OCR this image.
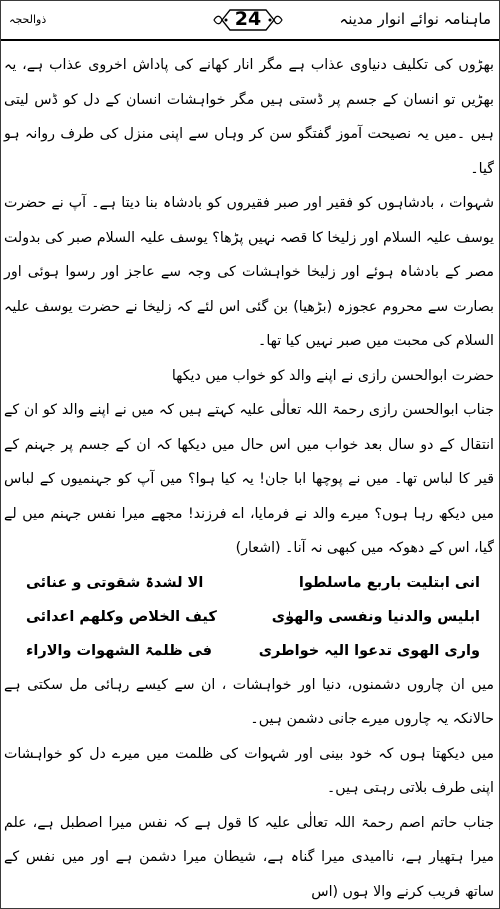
ماہنامہ نوائے انوار مدینہ
24
ذوالحجہ

بھڑوں کی تکلیف دنیاوی عذاب ہے مگر انار کھانے کی پاداش اخروی عذاب ہے، یہ بھڑیں تو انسان کے جسم پر ڈستی ہیں مگر خواہشات انسان کے دل کو ڈس لیتی ہیں ۔میں یہ نصیحت آموز گفتگو سن کر وہاں سے اپنی منزل کی طرف روانہ ہو گیا۔

شہوات ، بادشاہوں کو فقیر اور صبر فقیروں کو بادشاہ بنا دیتا ہے۔ آپ نے حضرت یوسف علیہ السلام اور زلیخا کا قصہ نہیں پڑھا؟ یوسف علیہ السلام صبر کی بدولت مصر کے بادشاہ ہوئے اور زلیخا خواہشات کی وجہ سے عاجز اور رسوا ہوئی اور بصارت سے محروم عجوزہ (بڑھیا) بن گئی اس لئے کہ زلیخا نے حضرت یوسف علیہ السلام کی محبت میں صبر نہیں کیا تھا۔

حضرت ابوالحسن رازی نے اپنے والد کو خواب میں دیکھا

جناب ابوالحسن رازی رحمۃ اللہ تعالٰی علیہ کہتے ہیں کہ میں نے اپنے والد کو ان کے انتقال کے دو سال بعد خواب میں اس حال میں دیکھا کہ ان کے جسم پر جہنم کے قیر کا لباس تھا۔ میں نے پوچھا ابا جان! یہ کیا ہوا؟ میں آپ کو جہنمیوں کے لباس میں دیکھ رہا ہوں؟ میرے والد نے فرمایا، اے فرزند! مجھے میرا نفس جہنم میں لے گیا، اس کے دھوکہ میں کبھی نہ آنا۔ (اشعار)

انی ابتلیت باربع ماسلطوا
الا لشدۃ شقوتی و عنائی
ابلیس والدنیا ونفسی والھوٰی
کیف الخلاص وکلھم اعدائی
واری الھوی تدعوا الیہ خواطری
فی ظلمۃ الشھوات والاراء

میں ان چاروں دشمنوں، دنیا اور خواہشات ، ان سے کیسے رہائی مل سکتی ہے حالانکہ یہ چاروں میرے جانی دشمن ہیں۔

میں دیکھتا ہوں کہ خود بینی اور شہوات کی ظلمت میں میرے دل کو خواہشات اپنی طرف بلاتی رہتی ہیں۔

جناب حاتم اصم رحمۃ اللہ تعالٰی علیہ کا قول ہے کہ نفس میرا اصطبل ہے، علم میرا ہتھیار ہے، ناامیدی میرا گناہ ہے، شیطان میرا دشمن ہے اور میں نفس کے ساتھ فریب کرنے والا ہوں (اس
